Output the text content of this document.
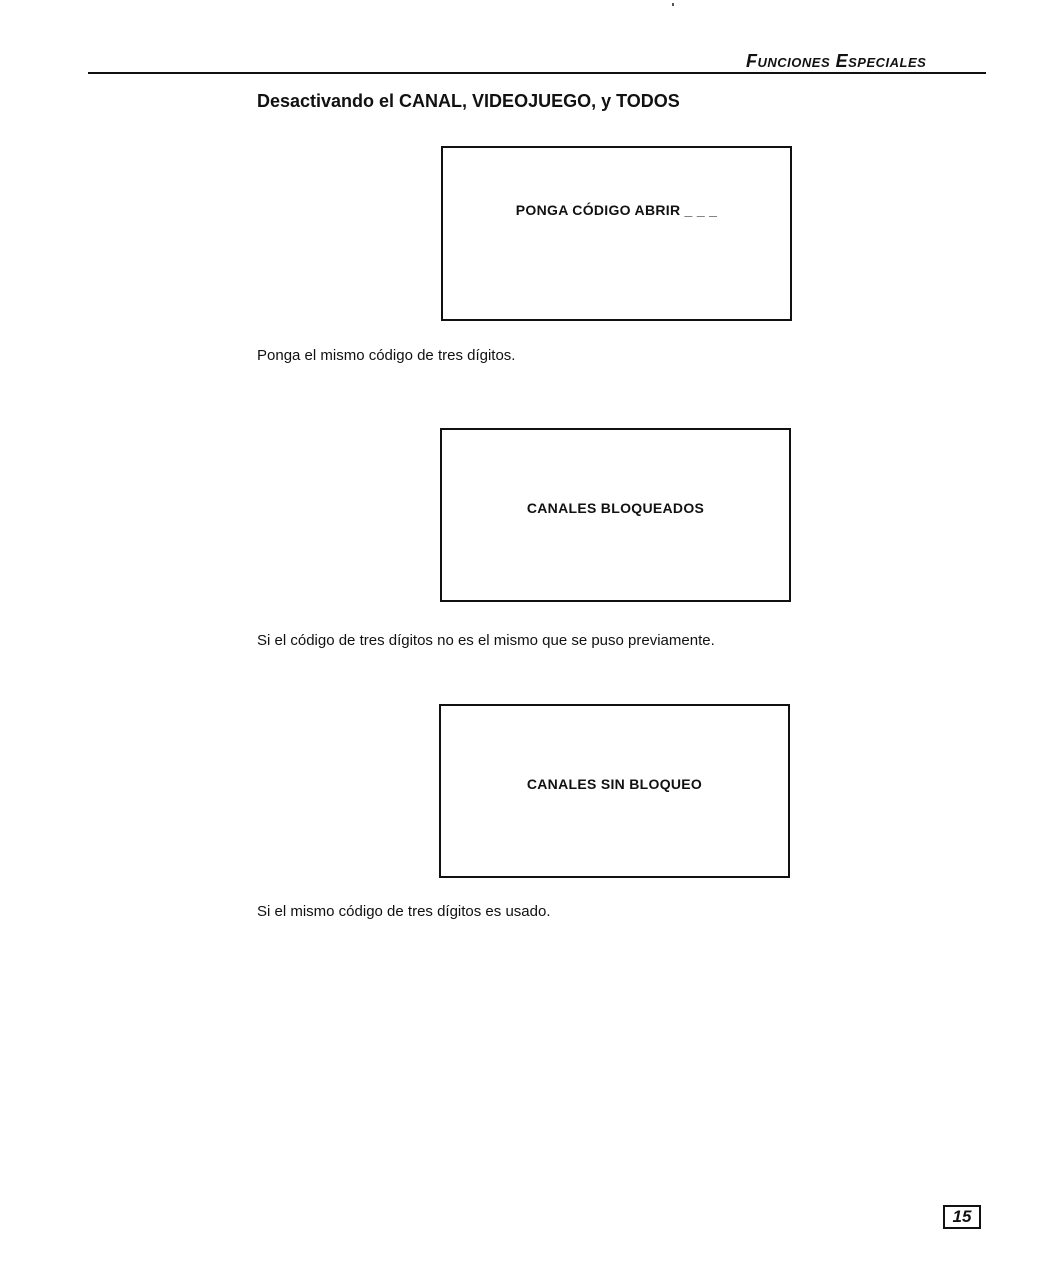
Funciones Especiales
Desactivando el CANAL, VIDEOJUEGO, y TODOS
PONGA CÓDIGO ABRIR _ _ _
Ponga el mismo código de tres dígitos.
CANALES BLOQUEADOS
Si el código de tres dígitos no es el mismo que se puso previamente.
CANALES SIN BLOQUEO
Si el mismo código de tres dígitos es usado.
15
